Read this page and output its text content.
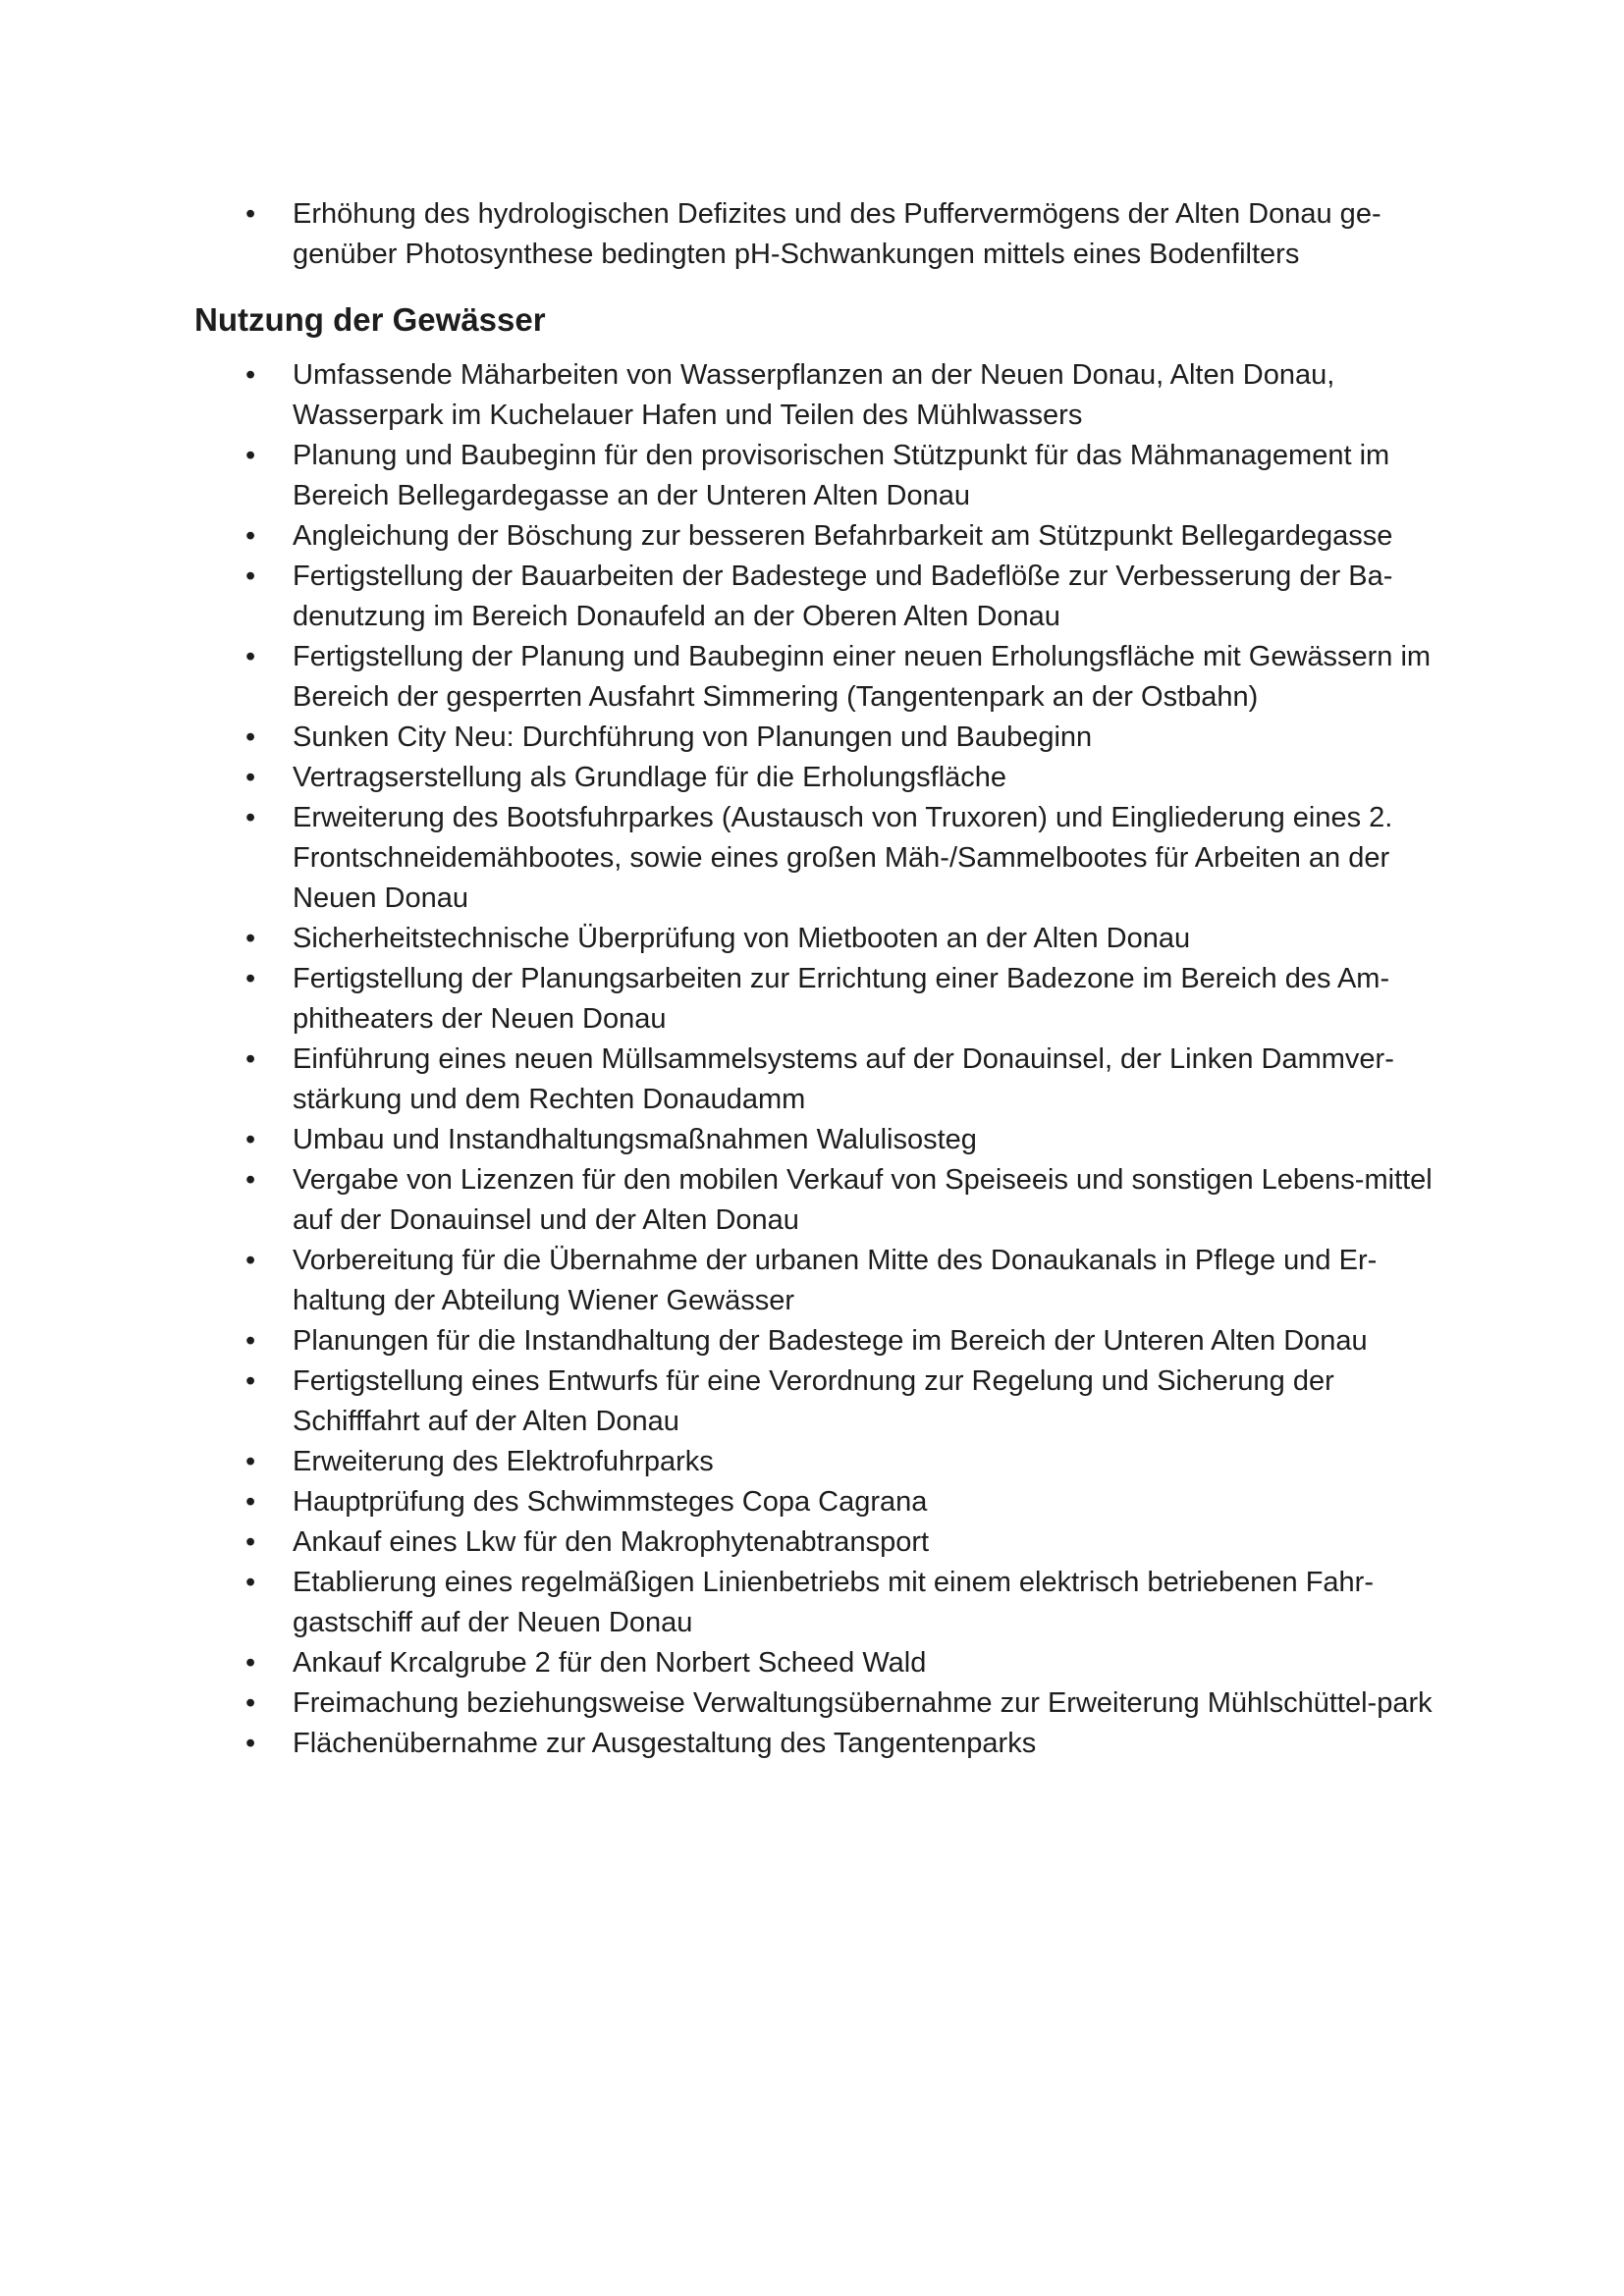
• Erhöhung des hydrologischen Defizites und des Puffervermögens der Alten Donau ge-genüber Photosynthese bedingten pH-Schwankungen mittels eines Bodenfilters
Nutzung der Gewässer
• Umfassende Mäharbeiten von Wasserpflanzen an der Neuen Donau, Alten Donau, Wasserpark im Kuchelauer Hafen und Teilen des Mühlwassers
• Planung und Baubeginn für den provisorischen Stützpunkt für das Mähmanagement im Bereich Bellegardegasse an der Unteren Alten Donau
• Angleichung der Böschung zur besseren Befahrbarkeit am Stützpunkt Bellegardegasse
• Fertigstellung der Bauarbeiten der Badestege und Badeflöße zur Verbesserung der Ba-denutzung im Bereich Donaufeld an der Oberen Alten Donau
• Fertigstellung der Planung und Baubeginn einer neuen Erholungsfläche mit Gewässern im Bereich der gesperrten Ausfahrt Simmering (Tangentenpark an der Ostbahn)
• Sunken City Neu: Durchführung von Planungen und Baubeginn
• Vertragserstellung als Grundlage für die Erholungsfläche
• Erweiterung des Bootsfuhrparkes (Austausch von Truxoren) und Eingliederung eines 2. Frontschneidemähbootes, sowie eines großen Mäh-/Sammelbootes für Arbeiten an der Neuen Donau
• Sicherheitstechnische Überprüfung von Mietbooten an der Alten Donau
• Fertigstellung der Planungsarbeiten zur Errichtung einer Badezone im Bereich des Am-phitheaters der Neuen Donau
• Einführung eines neuen Müllsammelsystems auf der Donauinsel, der Linken Dammver-stärkung und dem Rechten Donaudamm
• Umbau und Instandhaltungsmaßnahmen Walulisosteg
• Vergabe von Lizenzen für den mobilen Verkauf von Speiseeis und sonstigen Lebens-mittel auf der Donauinsel und der Alten Donau
• Vorbereitung für die Übernahme der urbanen Mitte des Donaukanals in Pflege und Er-haltung der Abteilung Wiener Gewässer
• Planungen für die Instandhaltung der Badestege im Bereich der Unteren Alten Donau
• Fertigstellung eines Entwurfs für eine Verordnung zur Regelung und Sicherung der Schifffahrt auf der Alten Donau
• Erweiterung des Elektrofuhrparks
• Hauptprüfung des Schwimmsteges Copa Cagrana
• Ankauf eines Lkw für den Makrophytenabtransport
• Etablierung eines regelmäßigen Linienbetriebs mit einem elektrisch betriebenen Fahr-gastschiff auf der Neuen Donau
• Ankauf Krcalgrube 2 für den Norbert Scheed Wald
• Freimachung beziehungsweise Verwaltungsübernahme zur Erweiterung Mühlschüttel-park
• Flächenübernahme zur Ausgestaltung des Tangentenparks
